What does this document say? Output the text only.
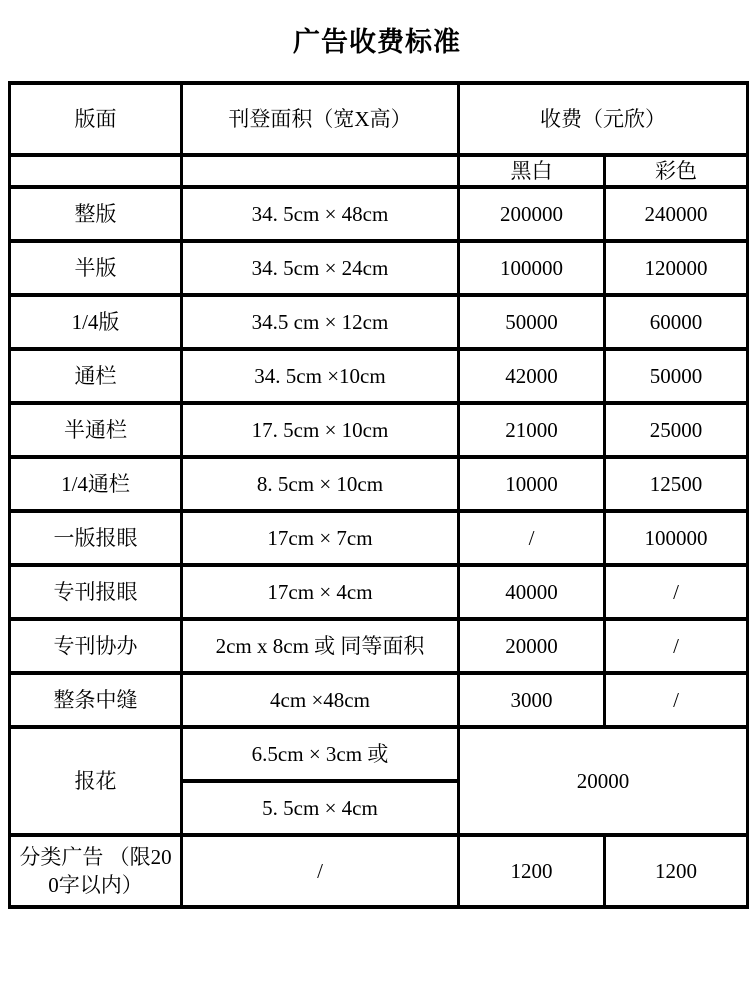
广告收费标准
版面	刊登面积（宽X高）	收费（元欣）	
		黑白	彩色
整版	34. 5cm × 48cm	200000	240000
半版	34. 5cm × 24cm	100000	120000
1/4版	34.5 cm × 12cm	50000	60000
通栏	34. 5cm ×10cm	42000	50000
半通栏	17. 5cm × 10cm	21000	25000
1/4通栏	8. 5cm × 10cm	10000	12500
一版报眼	17cm × 7cm	/	100000
专刊报眼	17cm × 4cm	40000	/
专刊协办	2cm x 8cm 或 同等面积	20000	/
整条中缝	4cm ×48cm	3000	/
报花	6.5cm × 3cm 或	20000	
	5. 5cm × 4cm		
分类广告 （限200字以内）	/	1200	1200
